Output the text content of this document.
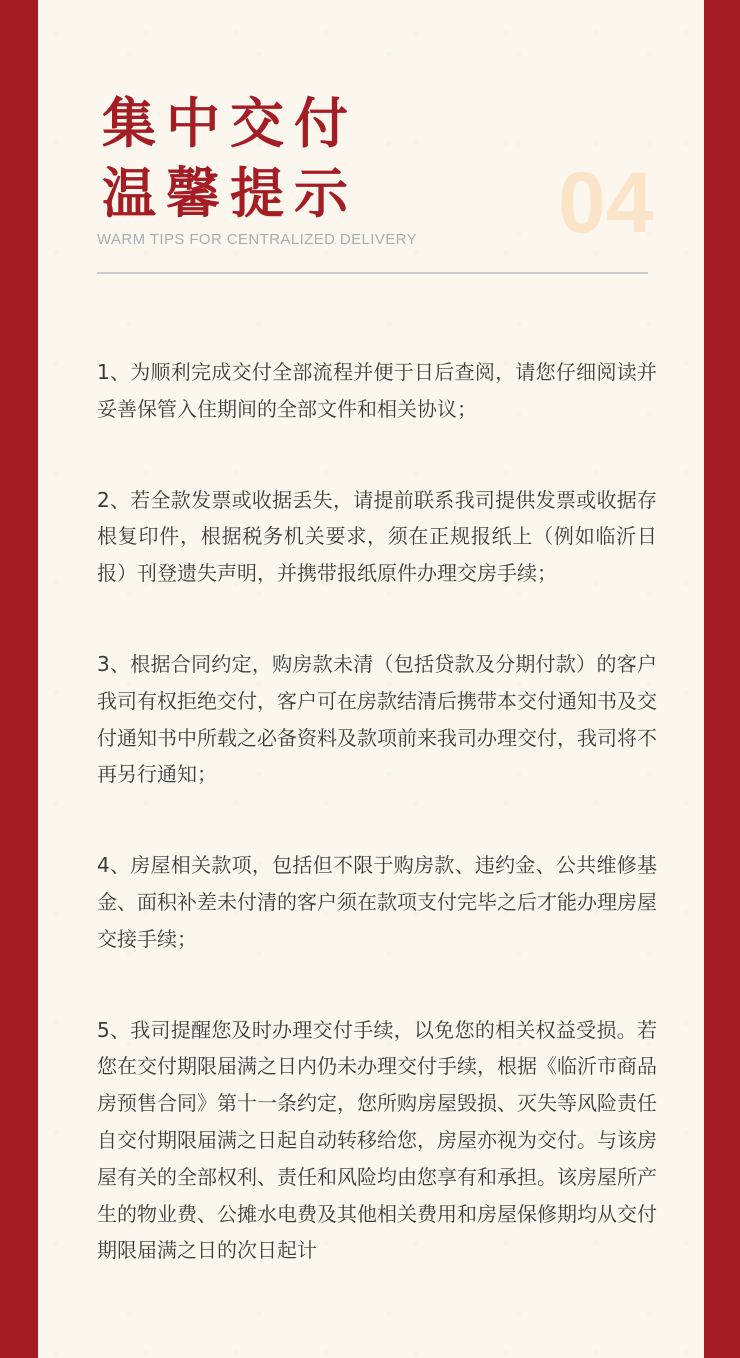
集中交付
温馨提示 04
WARM TIPS FOR CENTRALIZED DELIVERY

1、为顺利完成交付全部流程并便于日后查阅，请您仔细阅读并妥善保管入住期间的全部文件和相关协议；

2、若全款发票或收据丢失，请提前联系我司提供发票或收据存根复印件，根据税务机关要求，须在正规报纸上（例如临沂日报）刊登遗失声明，并携带报纸原件办理交房手续；

3、根据合同约定，购房款未清（包括贷款及分期付款）的客户我司有权拒绝交付，客户可在房款结清后携带本交付通知书及交付通知书中所载之必备资料及款项前来我司办理交付，我司将不再另行通知；

4、房屋相关款项，包括但不限于购房款、违约金、公共维修基金、面积补差未付清的客户须在款项支付完毕之后才能办理房屋交接手续；

5、我司提醒您及时办理交付手续，以免您的相关权益受损。若您在交付期限届满之日内仍未办理交付手续，根据《临沂市商品房预售合同》第十一条约定，您所购房屋毁损、灭失等风险责任自交付期限届满之日起自动转移给您，房屋亦视为交付。与该房屋有关的全部权利、责任和风险均由您享有和承担。该房屋所产生的物业费、公摊水电费及其他相关费用和房屋保修期均从交付期限届满之日的次日起计
